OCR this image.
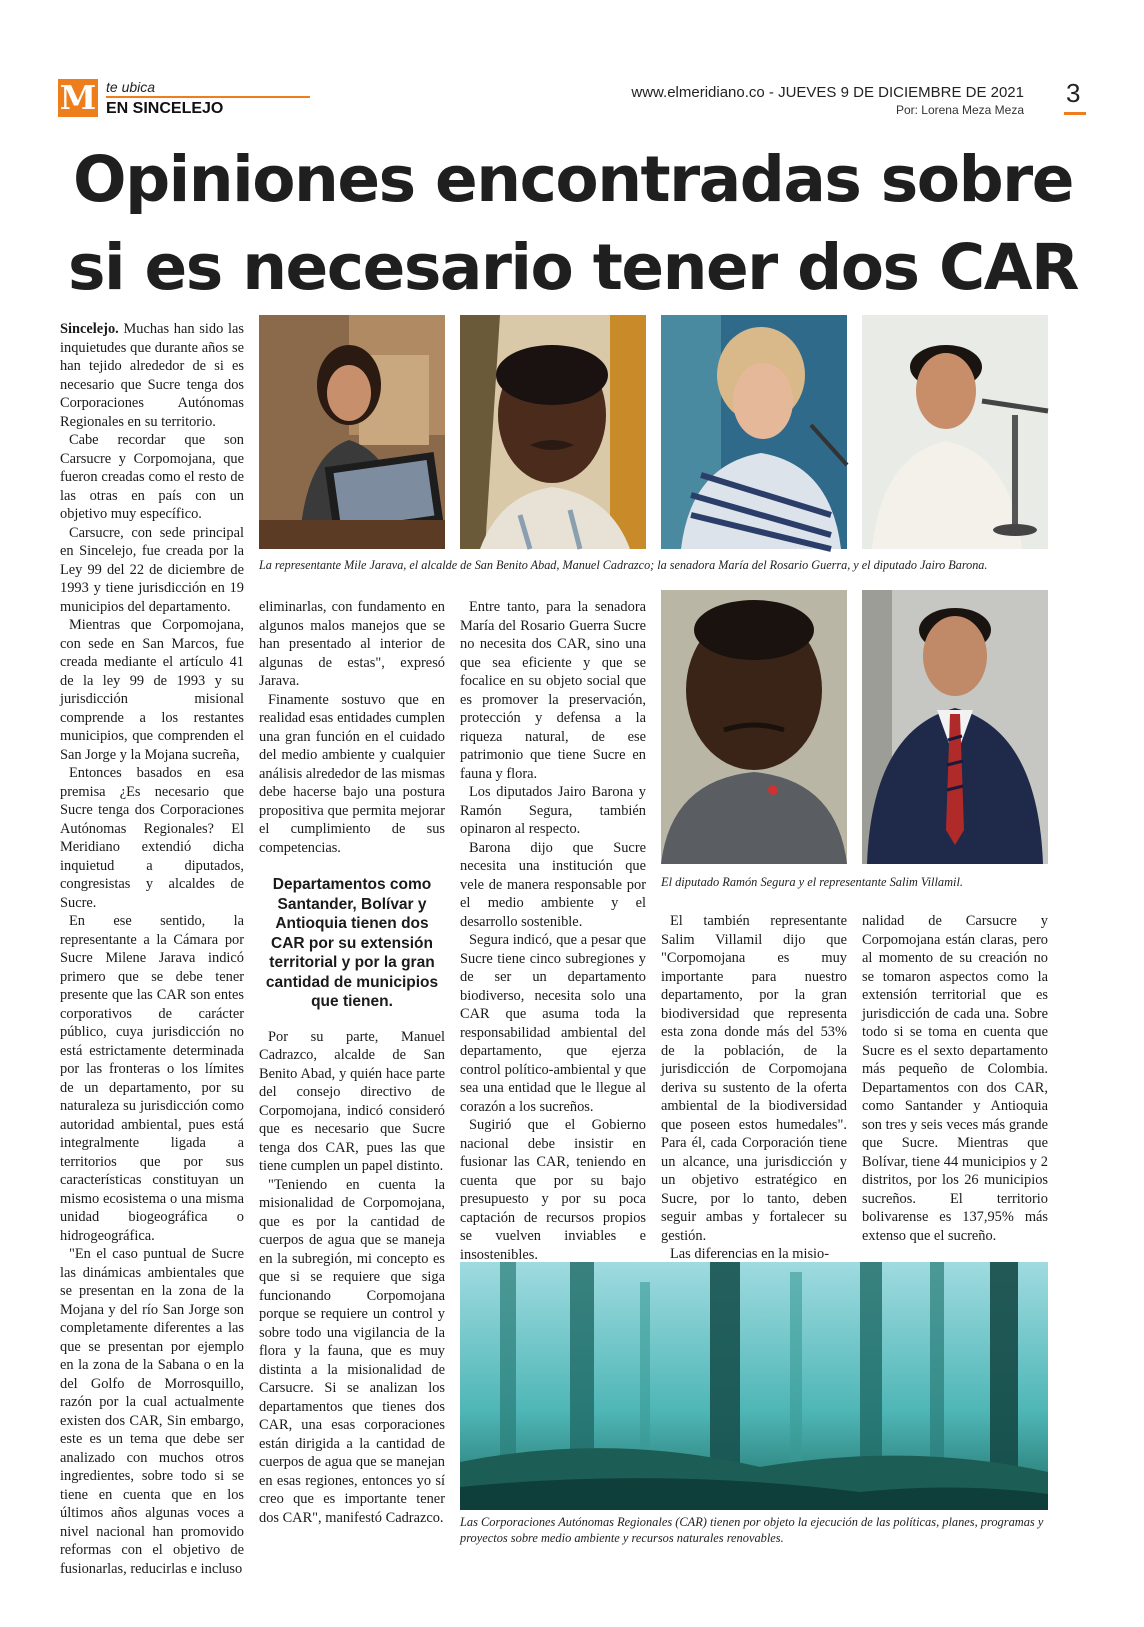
M te ubica
EN SINCELEJO
www.elmeridiano.co - JUEVES 9 DE DICIEMBRE DE 2021
Por: Lorena Meza Meza
3
Opiniones encontradas sobre
si es necesario tener dos CAR
La representante Mile Jarava, el alcalde de San Benito Abad, Manuel Cadrazco; la senadora María del Rosario Guerra, y el diputado Jairo Barona.
El diputado Ramón Segura y el representante Salim Villamil.
Las Corporaciones Autónomas Regionales (CAR) tienen por objeto la ejecución de las políticas, planes, programas y proyectos sobre medio ambiente y recursos naturales renovables.

Sincelejo. Muchas han sido las inquietudes que durante años se han tejido alrededor de si es necesario que Sucre tenga dos Corporaciones Autónomas Regionales en su territorio.

Cabe recordar que son Carsucre y Corpomojana, que fueron creadas como el resto de las otras en país con un objetivo muy específico.

Carsucre, con sede principal en Sincelejo, fue creada por la Ley 99 del 22 de diciembre de 1993 y tiene jurisdicción en 19 municipios del departamento.

Mientras que Corpomojana, con sede en San Marcos, fue creada mediante el artículo 41 de la ley 99 de 1993 y su jurisdicción misional comprende a los restantes municipios, que comprenden el San Jorge y la Mojana sucreña,

Entonces basados en esa premisa ¿Es necesario que Sucre tenga dos Corporaciones Autónomas Regionales? El Meridiano extendió dicha inquietud a diputados, congresistas y alcaldes de Sucre.

En ese sentido, la representante a la Cámara por Sucre Milene Jarava indicó primero que se debe tener presente que las CAR son entes corporativos de carácter público, cuya jurisdicción no está estrictamente determinada por las fronteras o los límites de un departamento, por su naturaleza su jurisdicción como autoridad ambiental, pues está integralmente ligada a territorios que por sus características constituyan un mismo ecosistema o una misma unidad biogeográfica o hidrogeográfica.

"En el caso puntual de Sucre las dinámicas ambientales que se presentan en la zona de la Mojana y del río San Jorge son completamente diferentes a las que se presentan por ejemplo en la zona de la Sabana o en la del Golfo de Morrosquillo, razón por la cual actualmente existen dos CAR, Sin embargo, este es un tema que debe ser analizado con muchos otros ingredientes, sobre todo si se tiene en cuenta que en los últimos años algunas voces a nivel nacional han promovido reformas con el objetivo de fusionarlas, reducirlas e incluso

eliminarlas, con fundamento en algunos malos manejos que se han presentado al interior de algunas de estas", expresó Jarava.

Finamente sostuvo que en realidad esas entidades cumplen una gran función en el cuidado del medio ambiente y cualquier análisis alrededor de las mismas debe hacerse bajo una postura propositiva que permita mejorar el cumplimiento de sus competencias.

Departamentos como Santander, Bolívar y Antioquia tienen dos CAR por su extensión territorial y por la gran cantidad de municipios que tienen.

Por su parte, Manuel Cadrazco, alcalde de San Benito Abad, y quién hace parte del consejo directivo de Corpomojana, indicó consideró que es necesario que Sucre tenga dos CAR, pues las que tiene cumplen un papel distinto.

"Teniendo en cuenta la misionalidad de Corpomojana, que es por la cantidad de cuerpos de agua que se maneja en la subregión, mi concepto es que si se requiere que siga funcionando Corpomojana porque se requiere un control y sobre todo una vigilancia de la flora y la fauna, que es muy distinta a la misionalidad de Carsucre. Si se analizan los departamentos que tienes dos CAR, una esas corporaciones están dirigida a la cantidad de cuerpos de agua que se manejan en esas regiones, entonces yo sí creo que es importante tener dos CAR", manifestó Cadrazco.

Entre tanto, para la senadora María del Rosario Guerra Sucre no necesita dos CAR, sino una que sea eficiente y que se focalice en su objeto social que es promover la preservación, protección y defensa a la riqueza natural, de ese patrimonio que tiene Sucre en fauna y flora.

Los diputados Jairo Barona y Ramón Segura, también opinaron al respecto.

Barona dijo que Sucre necesita una institución que vele de manera responsable por el medio ambiente y el desarrollo sostenible.

Segura indicó, que a pesar que Sucre tiene cinco subregiones y de ser un departamento biodiverso, necesita solo una CAR que asuma toda la responsabilidad ambiental del departamento, que ejerza control político-ambiental y que sea una entidad que le llegue al corazón a los sucreños.

Sugirió que el Gobierno nacional debe insistir en fusionar las CAR, teniendo en cuenta que por su bajo presupuesto y por su poca captación de recursos propios se vuelven inviables e insostenibles.

El también representante Salim Villamil dijo que "Corpomojana es muy importante para nuestro departamento, por la gran biodiversidad que representa esta zona donde más del 53% de la población, de la jurisdicción de Corpomojana deriva su sustento de la oferta ambiental de la biodiversidad que poseen estos humedales". Para él, cada Corporación tiene un alcance, una jurisdicción y un objetivo estratégico en Sucre, por lo tanto, deben seguir ambas y fortalecer su gestión.

Las diferencias en la misio-

nalidad de Carsucre y Corpomojana están claras, pero al momento de su creación no se tomaron aspectos como la extensión territorial que es jurisdicción de cada una. Sobre todo si se toma en cuenta que Sucre es el sexto departamento más pequeño de Colombia. Departamentos con dos CAR, como Santander y Antioquia son tres y seis veces más grande que Sucre. Mientras que Bolívar, tiene 44 municipios y 2 distritos, por los 26 municipios sucreños. El territorio bolivarense es 137,95% más extenso que el sucreño.
